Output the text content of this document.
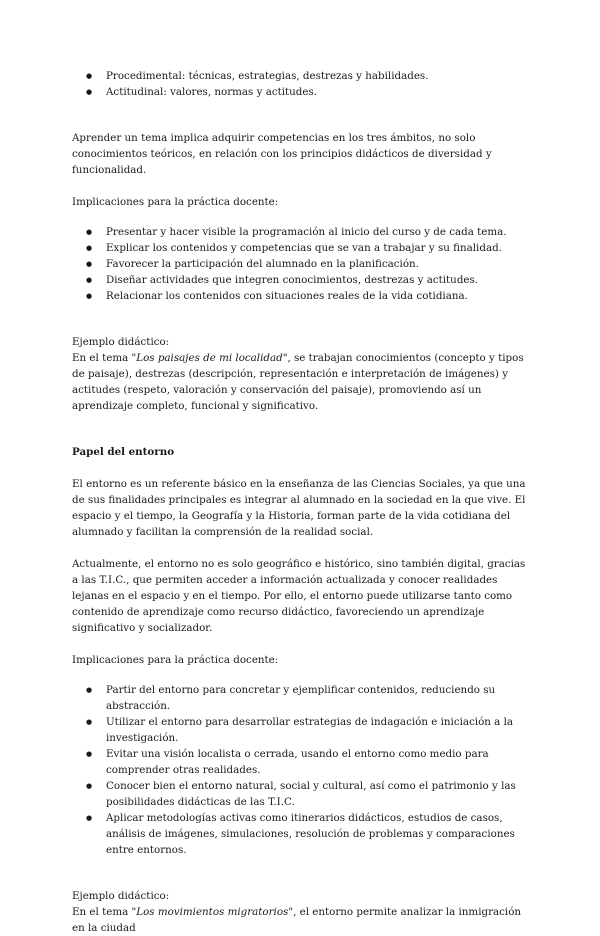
● Procedimental: técnicas, estrategias, destrezas y habilidades.
● Actitudinal: valores, normas y actitudes.

Aprender un tema implica adquirir competencias en los tres ámbitos, no solo conocimientos teóricos, en relación con los principios didácticos de diversidad y funcionalidad.

Implicaciones para la práctica docente:

● Presentar y hacer visible la programación al inicio del curso y de cada tema.
● Explicar los contenidos y competencias que se van a trabajar y su finalidad.
● Favorecer la participación del alumnado en la planificación.
● Diseñar actividades que integren conocimientos, destrezas y actitudes.
● Relacionar los contenidos con situaciones reales de la vida cotidiana.

Ejemplo didáctico:

En el tema "Los paisajes de mi localidad", se trabajan conocimientos (concepto y tipos de paisaje), destrezas (descripción, representación e interpretación de imágenes) y actitudes (respeto, valoración y conservación del paisaje), promoviendo así un aprendizaje completo, funcional y significativo.

Papel del entorno

El entorno es un referente básico en la enseñanza de las Ciencias Sociales, ya que una de sus finalidades principales es integrar al alumnado en la sociedad en la que vive. El espacio y el tiempo, la Geografía y la Historia, forman parte de la vida cotidiana del alumnado y facilitan la comprensión de la realidad social.

Actualmente, el entorno no es solo geográfico e histórico, sino también digital, gracias a las T.I.C., que permiten acceder a información actualizada y conocer realidades lejanas en el espacio y en el tiempo. Por ello, el entorno puede utilizarse tanto como contenido de aprendizaje como recurso didáctico, favoreciendo un aprendizaje significativo y socializador.

Implicaciones para la práctica docente:

● Partir del entorno para concretar y ejemplificar contenidos, reduciendo su abstracción.
● Utilizar el entorno para desarrollar estrategias de indagación e iniciación a la investigación.
● Evitar una visión localista o cerrada, usando el entorno como medio para comprender otras realidades.
● Conocer bien el entorno natural, social y cultural, así como el patrimonio y las posibilidades didácticas de las T.I.C.
● Aplicar metodologías activas como itinerarios didácticos, estudios de casos, análisis de imágenes, simulaciones, resolución de problemas y comparaciones entre entornos.

Ejemplo didáctico:

En el tema "Los movimientos migratorios", el entorno permite analizar la inmigración en la ciudad
